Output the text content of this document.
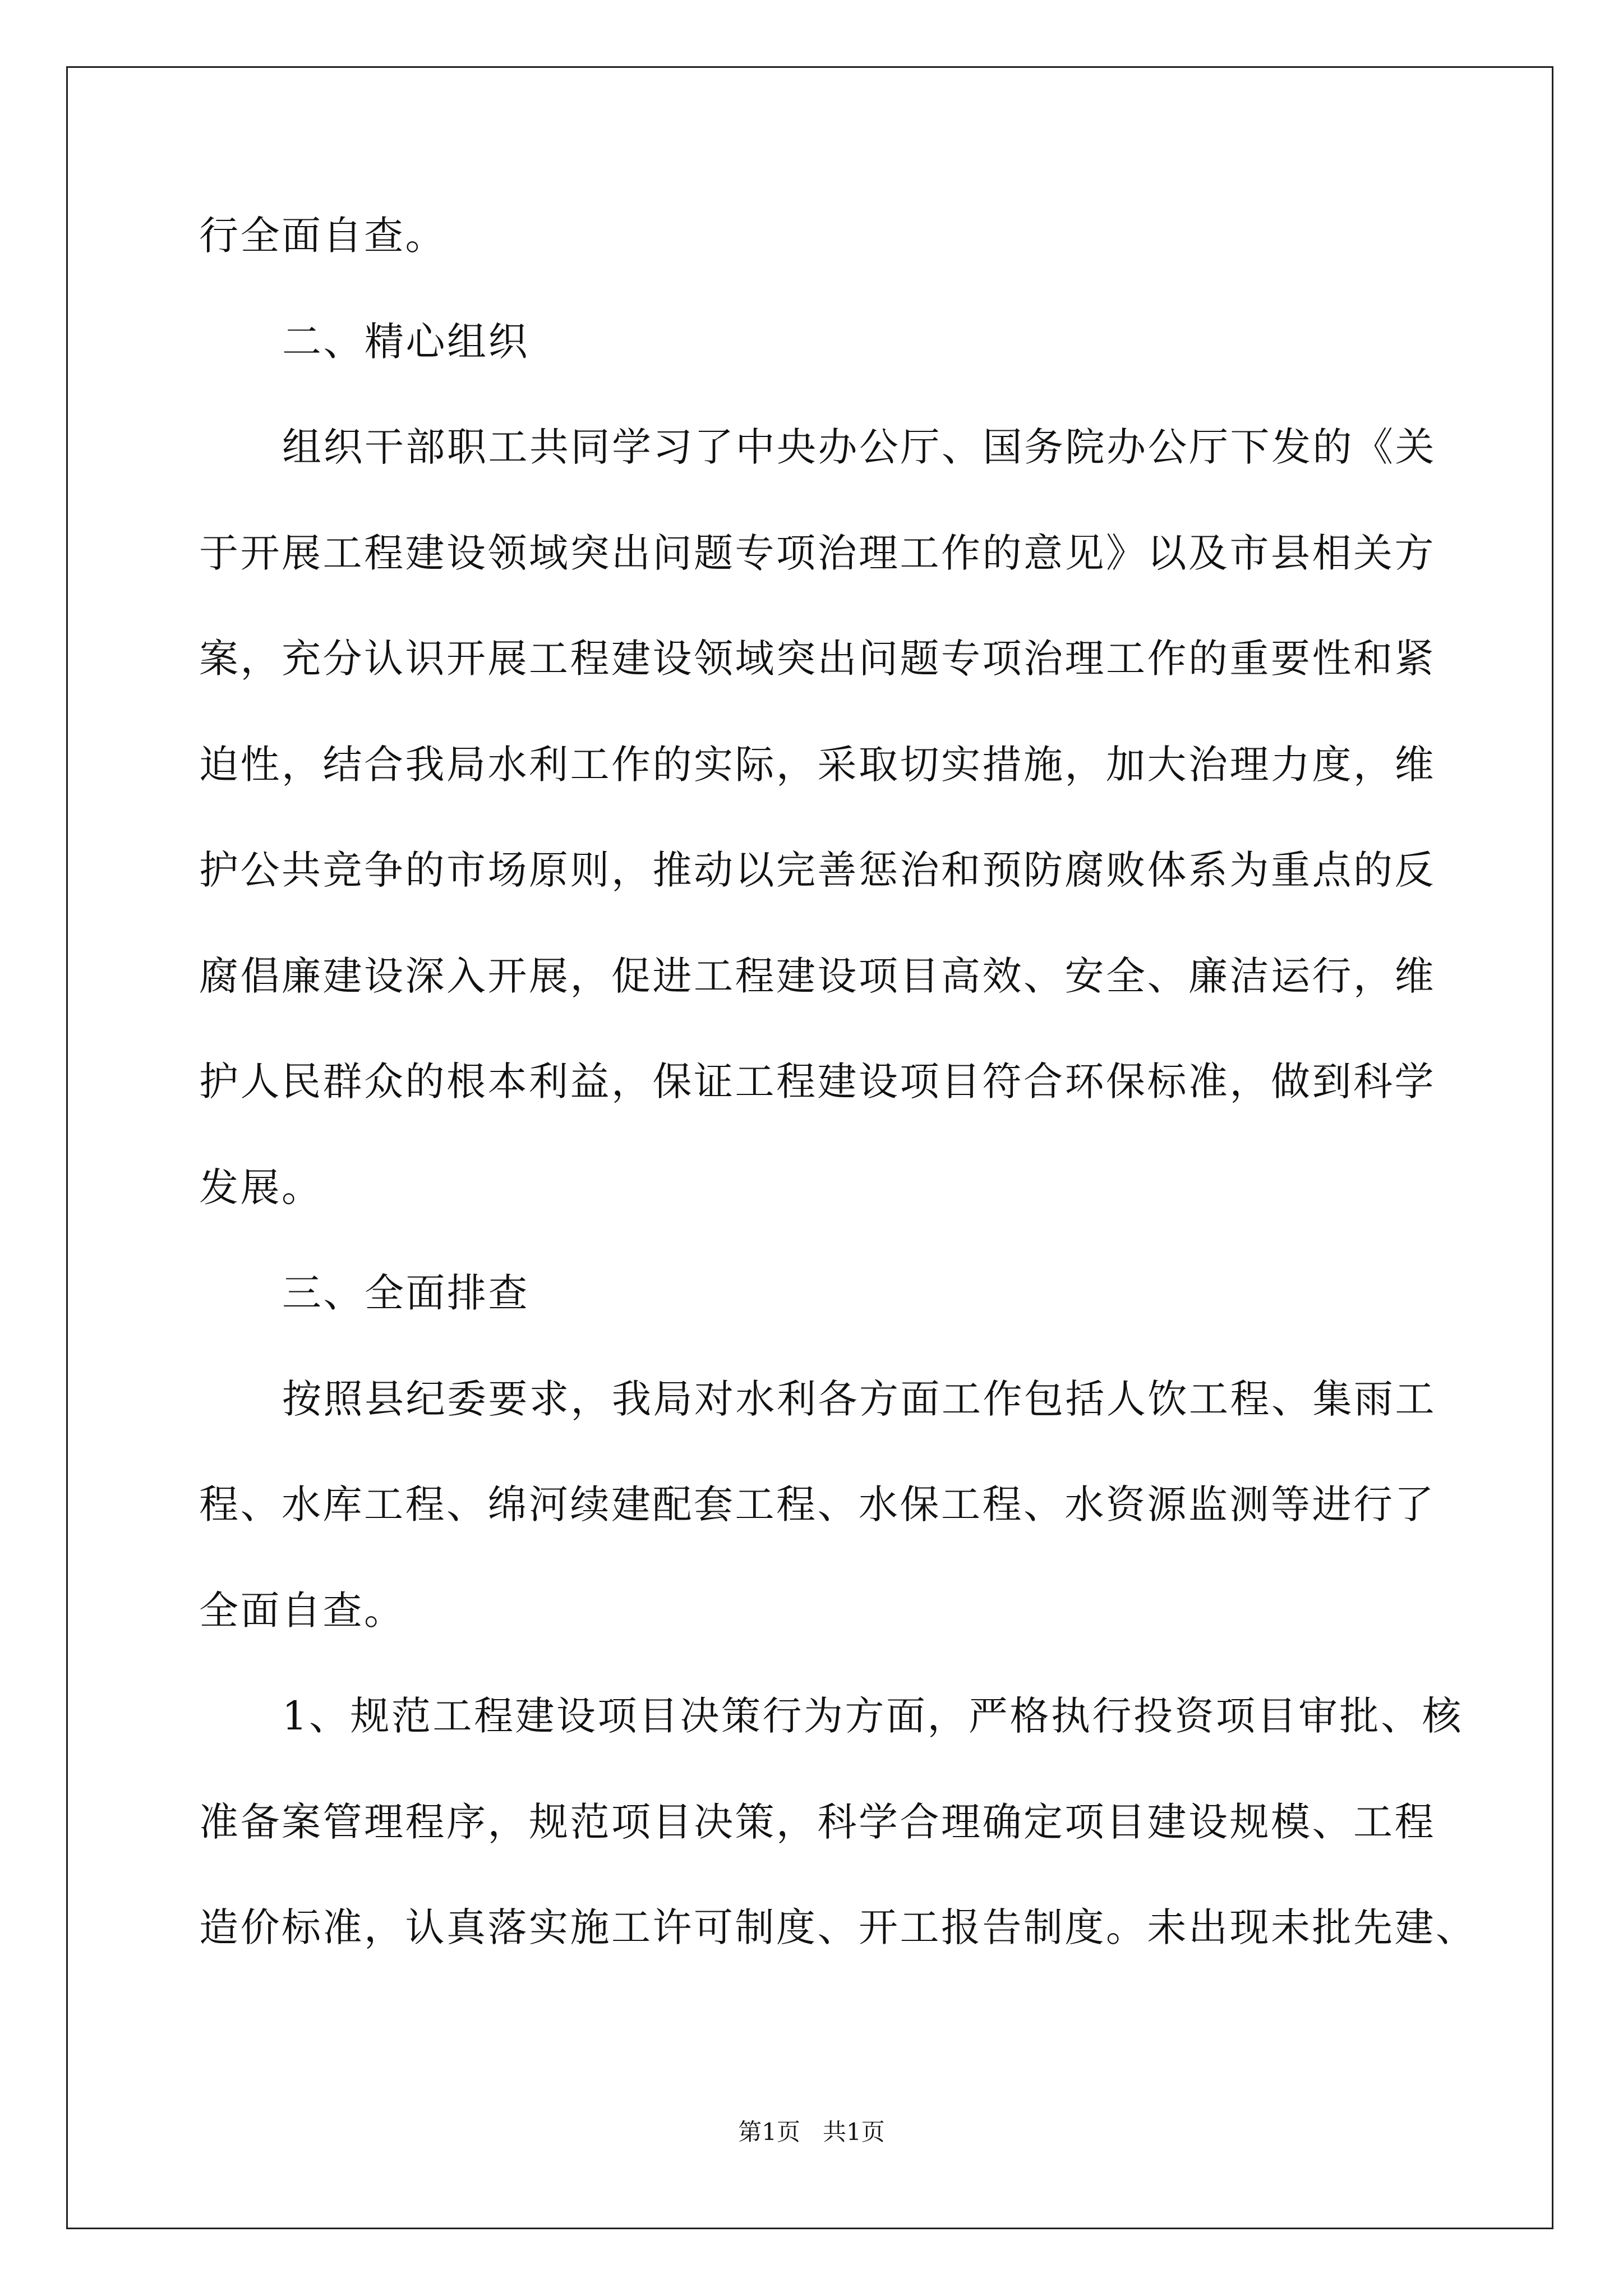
行全面自查。
二、精心组织
组织干部职工共同学习了中央办公厅、国务院办公厅下发的《关
于开展工程建设领域突出问题专项治理工作的意见》以及市县相关方
案，充分认识开展工程建设领域突出问题专项治理工作的重要性和紧
迫性，结合我局水利工作的实际，采取切实措施，加大治理力度，维
护公共竞争的市场原则，推动以完善惩治和预防腐败体系为重点的反
腐倡廉建设深入开展，促进工程建设项目高效、安全、廉洁运行，维
护人民群众的根本利益，保证工程建设项目符合环保标准，做到科学
发展。
三、全面排查
按照县纪委要求，我局对水利各方面工作包括人饮工程、集雨工
程、水库工程、绵河续建配套工程、水保工程、水资源监测等进行了
全面自查。
1、规范工程建设项目决策行为方面，严格执行投资项目审批、核
准备案管理程序，规范项目决策，科学合理确定项目建设规模、工程
造价标准，认真落实施工许可制度、开工报告制度。未出现未批先建、
第1页   共1页
